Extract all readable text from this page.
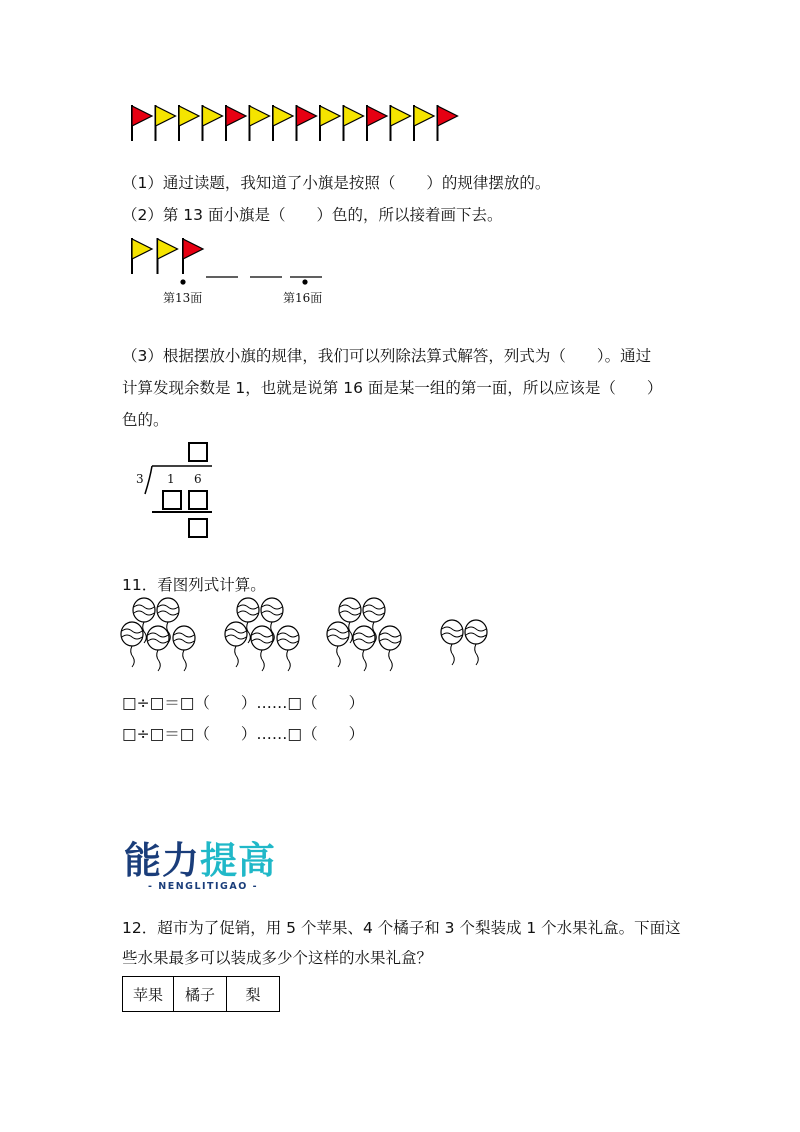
（1）通过读题，我知道了小旗是按照（　　）的规律摆放的。
（2）第 13 面小旗是（　　）色的，所以接着画下去。
第13面	第16面
（3）根据摆放小旗的规律，我们可以列除法算式解答，列式为（　　）。通过
计算发现余数是 1，也就是说第 16 面是某一组的第一面，所以应该是（　　）
色的。
3 1 6
11．看图列式计算。
□÷□＝□（　　）……□（　　）
□÷□＝□（　　）……□（　　）
能力提高
- NENGLITIGAO -
12．超市为了促销，用 5 个苹果、4 个橘子和 3 个梨装成 1 个水果礼盒。下面这
些水果最多可以装成多少个这样的水果礼盒？
苹果	橘子	梨
